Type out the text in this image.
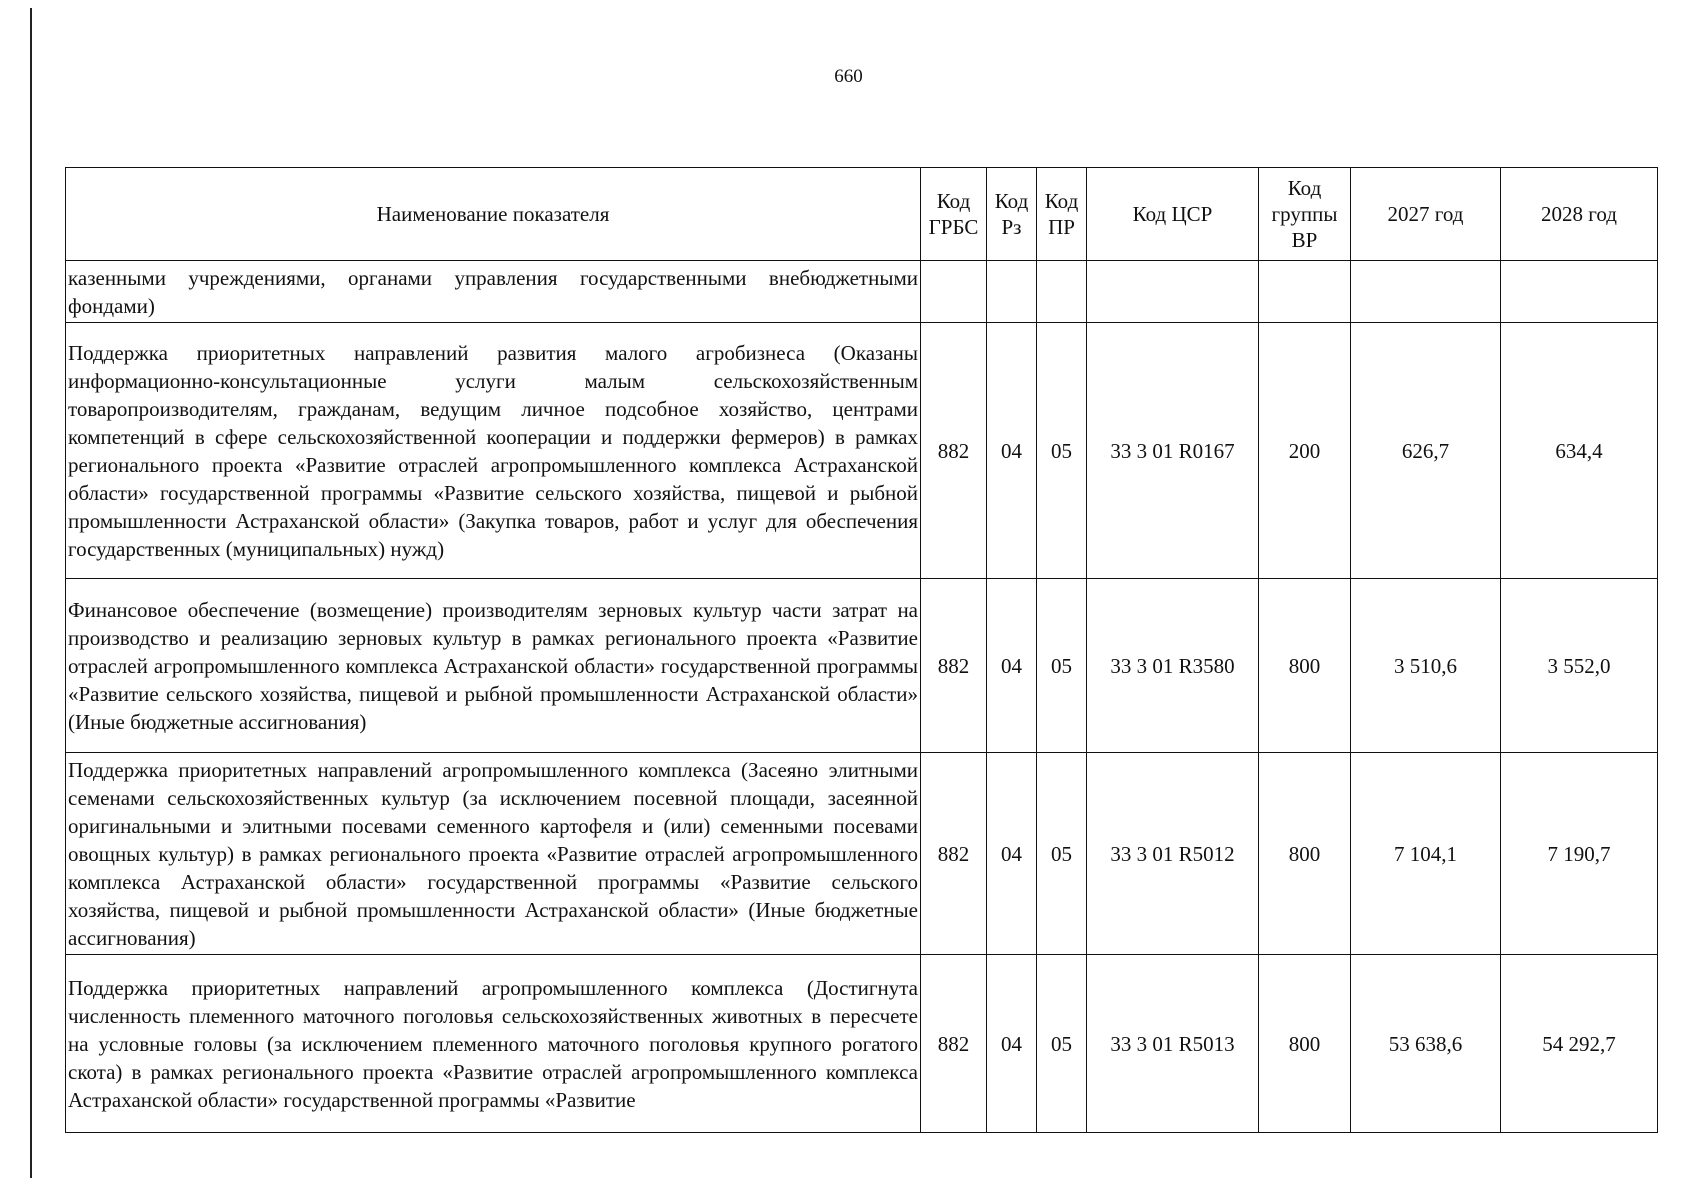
660
Наименование показателя	Код ГРБС	Код Рз	Код ПР	Код ЦСР	Код группы ВР	2027 год	2028 год
казенными учреждениями, органами управления государственными внебюджетными фондами)							
Поддержка приоритетных направлений развития малого агробизнеса (Оказаны информационно-консультационные услуги малым сельскохозяйственным товаропроизводителям, гражданам, ведущим личное подсобное хозяйство, центрами компетенций в сфере сельскохозяйственной кооперации и поддержки фермеров) в рамках регионального проекта «Развитие отраслей агропромышленного комплекса Астраханской области» государственной программы «Развитие сельского хозяйства, пищевой и рыбной промышленности Астраханской области» (Закупка товаров, работ и услуг для обеспечения государственных (муниципальных) нужд)	882	04	05	33 3 01 R0167	200	626,7	634,4
Финансовое обеспечение (возмещение) производителям зерновых культур части затрат на производство и реализацию зерновых культур в рамках регионального проекта «Развитие отраслей агропромышленного комплекса Астраханской области» государственной программы «Развитие сельского хозяйства, пищевой и рыбной промышленности Астраханской области» (Иные бюджетные ассигнования)	882	04	05	33 3 01 R3580	800	3 510,6	3 552,0
Поддержка приоритетных направлений агропромышленного комплекса (Засеяно элитными семенами сельскохозяйственных культур (за исключением посевной площади, засеянной оригинальными и элитными посевами семенного картофеля и (или) семенными посевами овощных культур) в рамках регионального проекта «Развитие отраслей агропромышленного комплекса Астраханской области» государственной программы «Развитие сельского хозяйства, пищевой и рыбной промышленности Астраханской области» (Иные бюджетные ассигнования)	882	04	05	33 3 01 R5012	800	7 104,1	7 190,7
Поддержка приоритетных направлений агропромышленного комплекса (Достигнута численность племенного маточного поголовья сельскохозяйственных животных в пересчете на условные головы (за исключением племенного маточного поголовья крупного рогатого скота) в рамках регионального проекта «Развитие отраслей агропромышленного комплекса Астраханской области» государственной программы «Развитие	882	04	05	33 3 01 R5013	800	53 638,6	54 292,7
